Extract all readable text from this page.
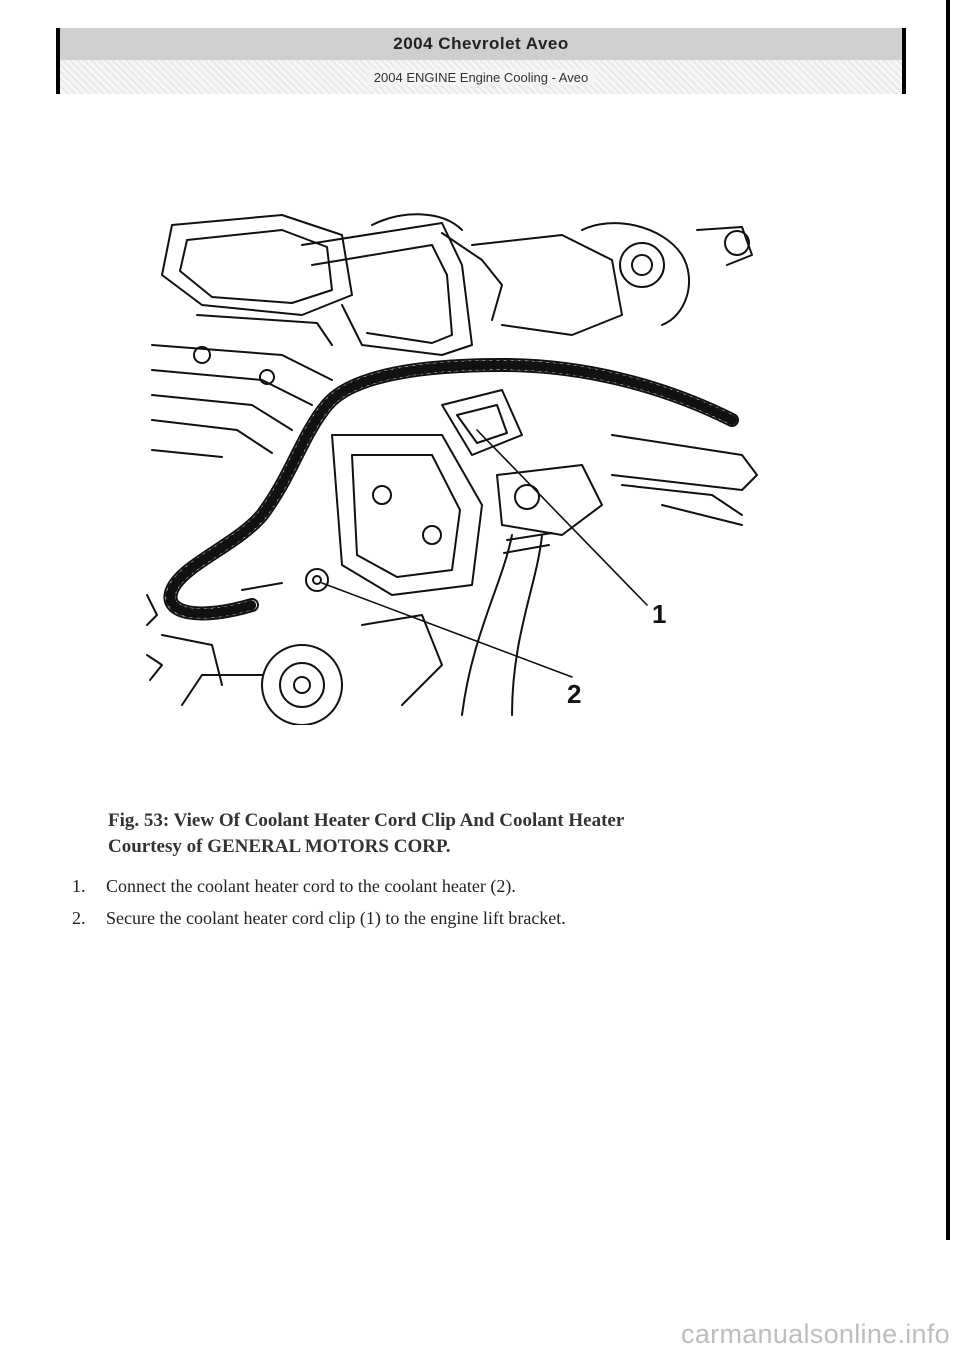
2004 Chevrolet Aveo
2004 ENGINE Engine Cooling - Aveo
1
2
Fig. 53: View Of Coolant Heater Cord Clip And Coolant Heater
Courtesy of GENERAL MOTORS CORP.
1.	Connect the coolant heater cord to the coolant heater (2).
2.	Secure the coolant heater cord clip (1) to the engine lift bracket.
carmanualsonline.info
